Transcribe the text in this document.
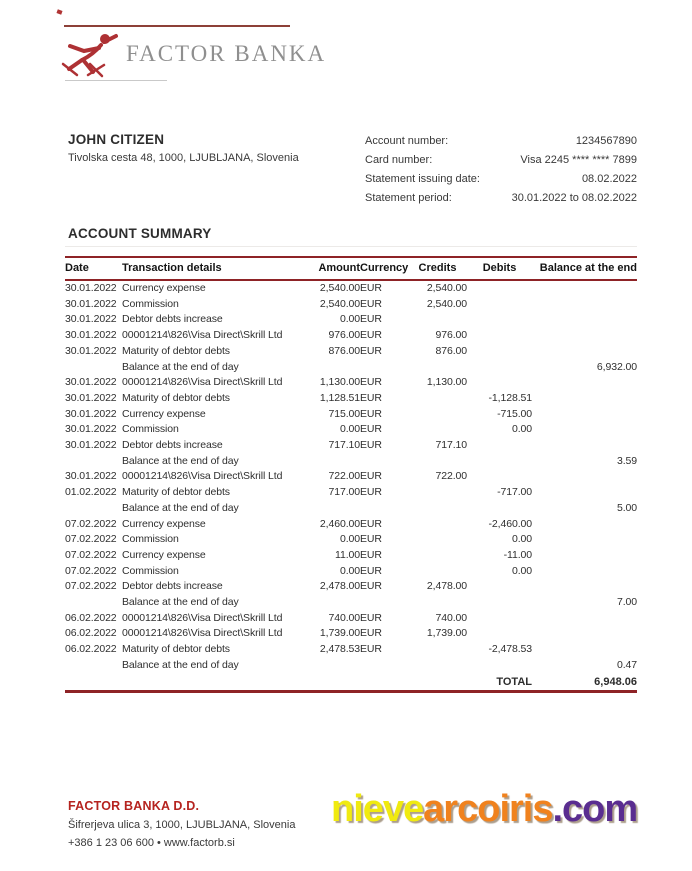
FACTOR BANKA
JOHN CITIZEN
Tivolska cesta 48, 1000, LJUBLJANA, Slovenia
Account number:	1234567890
Card number:	Visa 2245 **** **** 7899
Statement issuing date:	08.02.2022
Statement period:	30.01.2022 to 08.02.2022
ACCOUNT SUMMARY
Date	Transaction details	Amount	Currency	Credits	Debits	Balance at the end
30.01.2022	Currency expense	2,540.00	EUR	2,540.00		
30.01.2022	Commission	2,540.00	EUR	2,540.00		
30.01.2022	Debtor debts increase	0.00	EUR			
30.01.2022	00001214\826\Visa Direct\Skrill Ltd	976.00	EUR	976.00		
30.01.2022	Maturity of debtor debts	876.00	EUR	876.00		
	Balance at the end of day					6,932.00
30.01.2022	00001214\826\Visa Direct\Skrill Ltd	1,130.00	EUR	1,130.00		
30.01.2022	Maturity of debtor debts	1,128.51	EUR		-1,128.51	
30.01.2022	Currency expense	715.00	EUR		-715.00	
30.01.2022	Commission	0.00	EUR		0.00	
30.01.2022	Debtor debts increase	717.10	EUR	717.10		
	Balance at the end of day					3.59
30.01.2022	00001214\826\Visa Direct\Skrill Ltd	722.00	EUR	722.00		
01.02.2022	Maturity of debtor debts	717.00	EUR		-717.00	
	Balance at the end of day					5.00
07.02.2022	Currency expense	2,460.00	EUR		-2,460.00	
07.02.2022	Commission	0.00	EUR		0.00	
07.02.2022	Currency expense	11.00	EUR		-11.00	
07.02.2022	Commission	0.00	EUR		0.00	
07.02.2022	Debtor debts increase	2,478.00	EUR	2,478.00		
	Balance at the end of day					7.00
06.02.2022	00001214\826\Visa Direct\Skrill Ltd	740.00	EUR	740.00		
06.02.2022	00001214\826\Visa Direct\Skrill Ltd	1,739.00	EUR	1,739.00		
06.02.2022	Maturity of debtor debts	2,478.53	EUR		-2,478.53	
	Balance at the end of day					0.47
					TOTAL	6,948.06
FACTOR BANKA D.D.
Šifrerjeva ulica 3, 1000, LJUBLJANA, Slovenia
+386 1 23 06 600 • www.factorb.si
nievearcoiris.com
